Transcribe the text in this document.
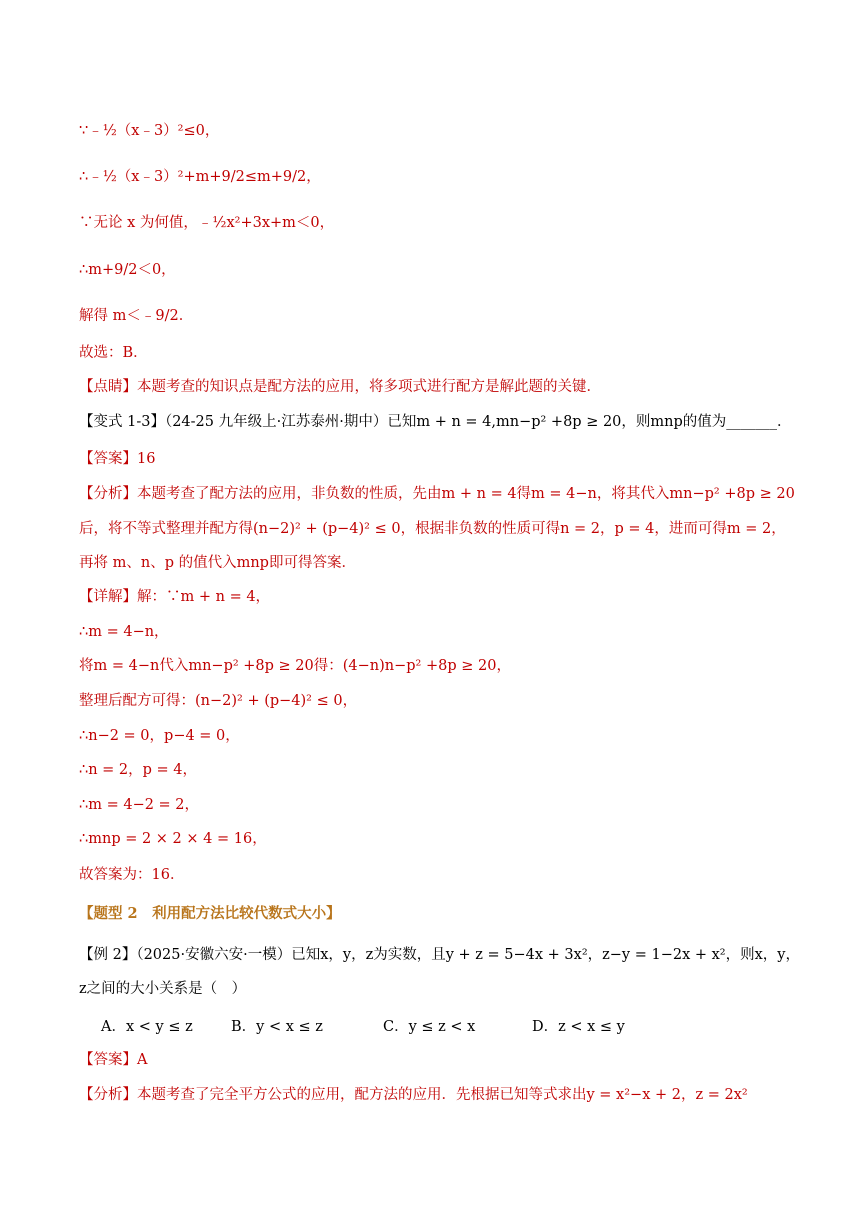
∵﹣½（x﹣3）²≤0，
∴﹣½（x﹣3）²+m+9/2≤m+9/2，
∵无论 x 为何值，﹣½x²+3x+m＜0，
∴m+9/2＜0，
解得 m＜﹣9/2．
故选：B．
【点睛】本题考查的知识点是配方法的应用，将多项式进行配方是解此题的关键．
【变式 1-3】（24-25 九年级上·江苏泰州·期中）已知m + n = 4,mn−p² +8p ≥ 20，则mnp的值为_______．
【答案】16
【分析】本题考查了配方法的应用，非负数的性质，先由m + n = 4得m = 4−n，将其代入mn−p² +8p ≥ 20
后，将不等式整理并配方得(n−2)² + (p−4)² ≤ 0，根据非负数的性质可得n = 2，p = 4，进而可得m = 2，
再将 m、n、p 的值代入mnp即可得答案．
【详解】解：∵m + n = 4，
∴m = 4−n，
将m = 4−n代入mn−p² +8p ≥ 20得：(4−n)n−p² +8p ≥ 20，
整理后配方可得：(n−2)² + (p−4)² ≤ 0，
∴n−2 = 0，p−4 = 0，
∴n = 2，p = 4，
∴m = 4−2 = 2，
∴mnp = 2 × 2 × 4 = 16，
故答案为：16．
【题型 2　利用配方法比较代数式大小】
【例 2】（2025·安徽六安·一模）已知x，y，z为实数，且y + z = 5−4x + 3x²，z−y = 1−2x + x²，则x，y，
z之间的大小关系是（　）
A．x < y ≤ z	B．y < x ≤ z	C．y ≤ z < x	D．z < x ≤ y
【答案】A
【分析】本题考查了完全平方公式的应用，配方法的应用．先根据已知等式求出y = x²−x + 2，z = 2x²
